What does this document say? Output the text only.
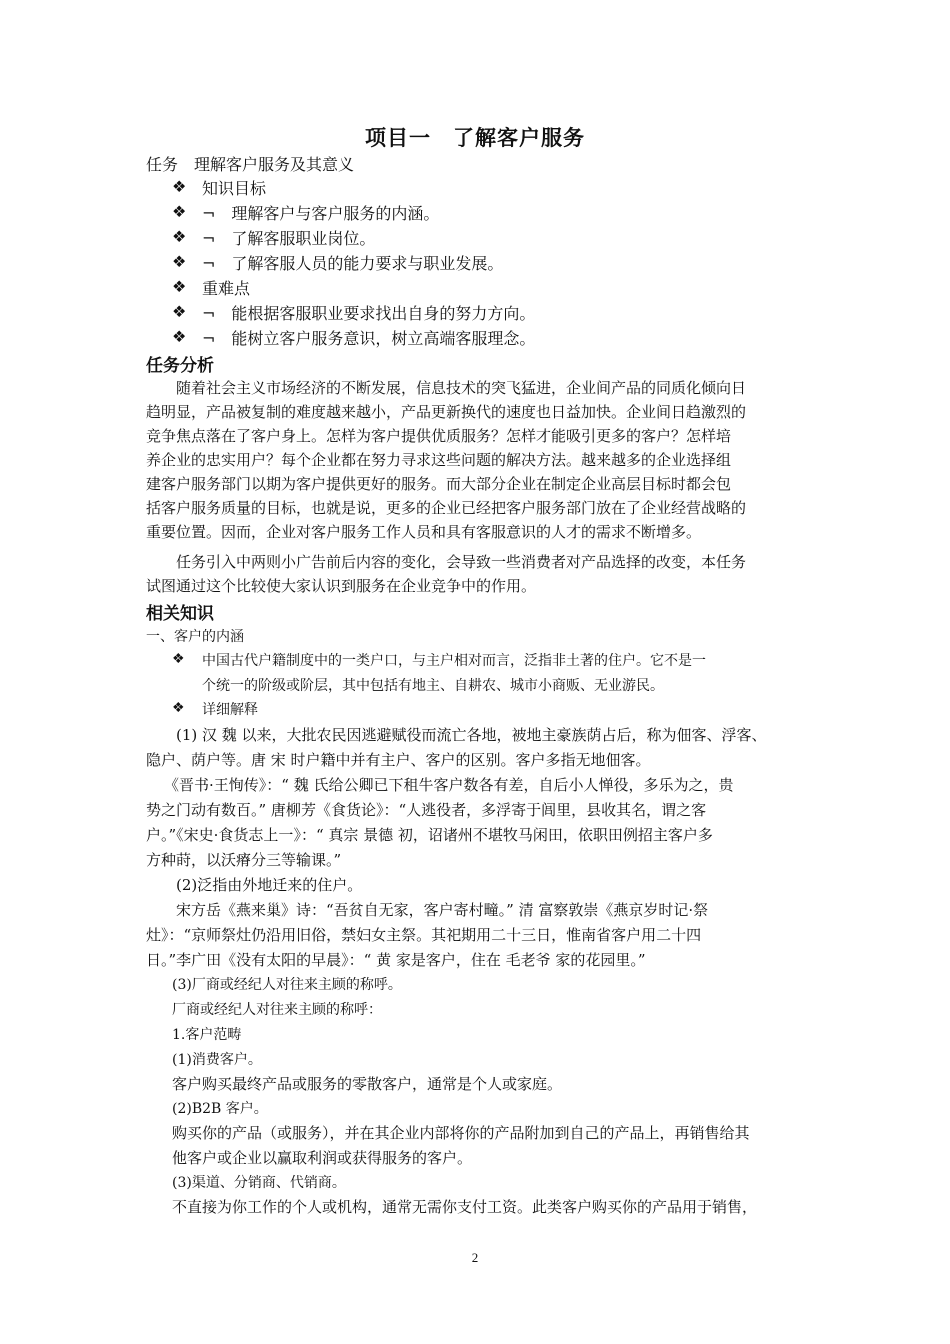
项目一　了解客户服务
任务　理解客户服务及其意义
❖ 知识目标
❖ ¬　理解客户与客户服务的内涵。
❖ ¬　了解客服职业岗位。
❖ ¬　了解客服人员的能力要求与职业发展。
❖ 重难点
❖ ¬　能根据客服职业要求找出自身的努力方向。
❖ ¬　能树立客户服务意识，树立高端客服理念。
任务分析
随着社会主义市场经济的不断发展，信息技术的突飞猛进，企业间产品的同质化倾向日
趋明显，产品被复制的难度越来越小，产品更新换代的速度也日益加快。企业间日趋激烈的
竞争焦点落在了客户身上。怎样为客户提供优质服务？怎样才能吸引更多的客户？怎样培
养企业的忠实用户？每个企业都在努力寻求这些问题的解决方法。越来越多的企业选择组
建客户服务部门以期为客户提供更好的服务。而大部分企业在制定企业高层目标时都会包
括客户服务质量的目标，也就是说，更多的企业已经把客户服务部门放在了企业经营战略的
重要位置。因而，企业对客户服务工作人员和具有客服意识的人才的需求不断增多。
任务引入中两则小广告前后内容的变化，会导致一些消费者对产品选择的改变，本任务
试图通过这个比较使大家认识到服务在企业竞争中的作用。
相关知识
一、客户的内涵
❖ 中国古代户籍制度中的一类户口，与主户相对而言，泛指非土著的住户。它不是一
个统一的阶级或阶层，其中包括有地主、自耕农、城市小商贩、无业游民。
❖ 详细解释
(1) 汉 魏 以来，大批农民因逃避赋役而流亡各地，被地主豪族荫占后，称为佃客、浮客、
隐户、荫户等。唐 宋 时户籍中并有主户、客户的区别。客户多指无地佃客。
《晋书·王恂传》：“ 魏 氏给公卿已下租牛客户数各有差，自后小人惮役，多乐为之，贵
势之门动有数百。” 唐柳芳《食货论》：“人逃役者，多浮寄于闾里，县收其名，谓之客
户。”《宋史·食货志上一》：“ 真宗 景德 初，诏诸州不堪牧马闲田，依职田例招主客户多
方种莳，以沃瘠分三等输课。”
(2)泛指由外地迁来的住户。
宋方岳《燕来巢》诗：“吾贫自无家，客户寄村疃。” 清 富察敦崇《燕京岁时记·祭
灶》：“京师祭灶仍沿用旧俗，禁妇女主祭。其祀期用二十三日，惟南省客户用二十四
日。”李广田《没有太阳的早晨》：“ 黄 家是客户，住在 毛老爷 家的花园里。”
(3)厂商或经纪人对往来主顾的称呼。
厂商或经纪人对往来主顾的称呼：
1.客户范畴
(1)消费客户。
客户购买最终产品或服务的零散客户，通常是个人或家庭。
(2)B2B 客户。
购买你的产品（或服务），并在其企业内部将你的产品附加到自己的产品上，再销售给其
他客户或企业以赢取利润或获得服务的客户。
(3)渠道、分销商、代销商。
不直接为你工作的个人或机构，通常无需你支付工资。此类客户购买你的产品用于销售，
2
